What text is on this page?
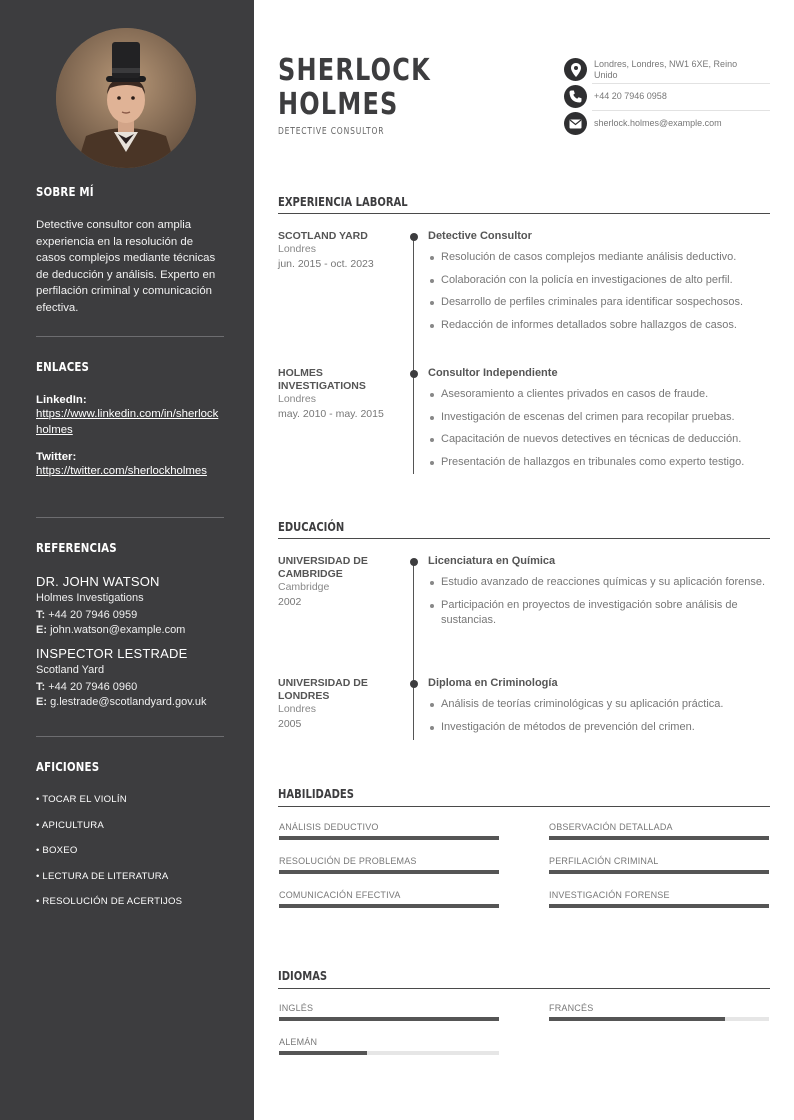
SOBRE MÍ
Detective consultor con amplia experiencia en la resolución de casos complejos mediante técnicas de deducción y análisis. Experto en perfilación criminal y comunicación efectiva.
ENLACES
LinkedIn:
https://www.linkedin.com/in/sherlockholmes
Twitter:
https://twitter.com/sherlockholmes
REFERENCIAS
DR. JOHN WATSON
Holmes Investigations
T: +44 20 7946 0959
E: john.watson@example.com
INSPECTOR LESTRADE
Scotland Yard
T: +44 20 7946 0960
E: g.lestrade@scotlandyard.gov.uk
AFICIONES
• TOCAR EL VIOLÍN
• APICULTURA
• BOXEO
• LECTURA DE LITERATURA
• RESOLUCIÓN DE ACERTIJOS
SHERLOCK
HOLMES
DETECTIVE CONSULTOR
Londres, Londres, NW1 6XE, Reino Unido
+44 20 7946 0958
sherlock.holmes@example.com
EXPERIENCIA LABORAL
SCOTLAND YARD
Londres
jun. 2015 - oct. 2023
Detective Consultor
Resolución de casos complejos mediante análisis deductivo.
Colaboración con la policía en investigaciones de alto perfil.
Desarrollo de perfiles criminales para identificar sospechosos.
Redacción de informes detallados sobre hallazgos de casos.
HOLMES INVESTIGATIONS
Londres
may. 2010 - may. 2015
Consultor Independiente
Asesoramiento a clientes privados en casos de fraude.
Investigación de escenas del crimen para recopilar pruebas.
Capacitación de nuevos detectives en técnicas de deducción.
Presentación de hallazgos en tribunales como experto testigo.
EDUCACIÓN
UNIVERSIDAD DE CAMBRIDGE
Cambridge
2002
Licenciatura en Química
Estudio avanzado de reacciones químicas y su aplicación forense.
Participación en proyectos de investigación sobre análisis de sustancias.
UNIVERSIDAD DE LONDRES
Londres
2005
Diploma en Criminología
Análisis de teorías criminológicas y su aplicación práctica.
Investigación de métodos de prevención del crimen.
HABILIDADES
ANÁLISIS DEDUCTIVO	OBSERVACIÓN DETALLADA
RESOLUCIÓN DE PROBLEMAS	PERFILACIÓN CRIMINAL
COMUNICACIÓN EFECTIVA	INVESTIGACIÓN FORENSE
IDIOMAS
INGLÉS	FRANCÉS
ALEMÁN
